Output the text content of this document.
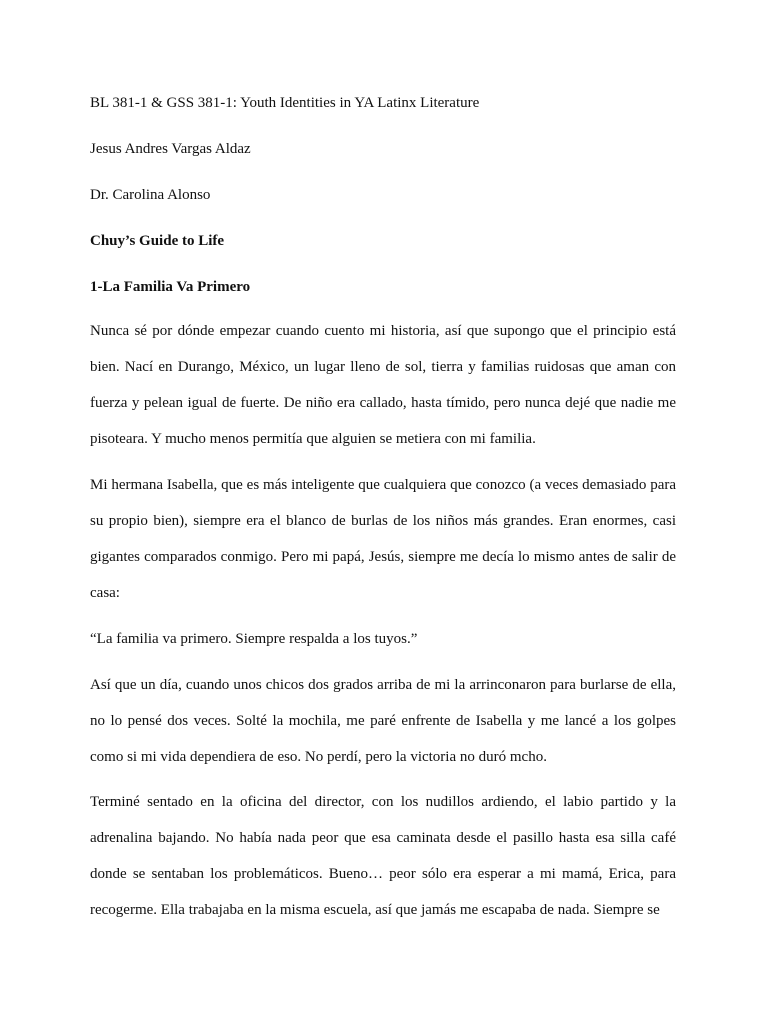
BL 381-1 & GSS 381-1: Youth Identities in YA Latinx Literature
Jesus Andres Vargas Aldaz
Dr. Carolina Alonso
Chuy’s Guide to Life
1-La Familia Va Primero

Nunca sé por dónde empezar cuando cuento mi historia, así que supongo que el principio está bien. Nací en Durango, México, un lugar lleno de sol, tierra y familias ruidosas que aman con fuerza y pelean igual de fuerte. De niño era callado, hasta tímido, pero nunca dejé que nadie me pisoteara. Y mucho menos permitía que alguien se metiera con mi familia.

Mi hermana Isabella, que es más inteligente que cualquiera que conozco (a veces demasiado para su propio bien), siempre era el blanco de burlas de los niños más grandes. Eran enormes, casi gigantes comparados conmigo. Pero mi papá, Jesús, siempre me decía lo mismo antes de salir de casa:

“La familia va primero. Siempre respalda a los tuyos.”

Así que un día, cuando unos chicos dos grados arriba de mi la arrinconaron para burlarse de ella, no lo pensé dos veces. Solté la mochila, me paré enfrente de Isabella y me lancé a los golpes como si mi vida dependiera de eso. No perdí, pero la victoria no duró mcho.

Terminé sentado en la oficina del director, con los nudillos ardiendo, el labio partido y la adrenalina bajando. No había nada peor que esa caminata desde el pasillo hasta esa silla café donde se sentaban los problemáticos. Bueno… peor sólo era esperar a mi mamá, Erica, para recogerme. Ella trabajaba en la misma escuela, así que jamás me escapaba de nada. Siempre se
